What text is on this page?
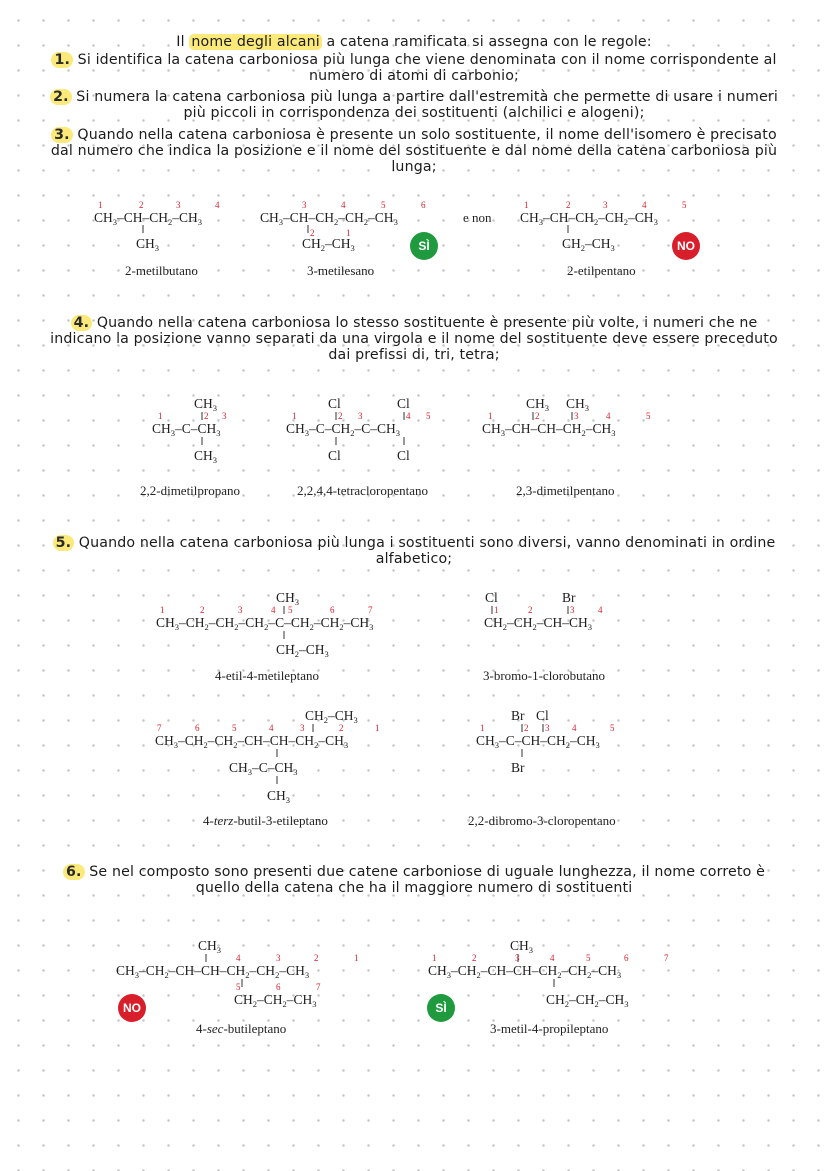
Il nome degli alcani a catena ramificata si assegna con le regole:
1. Si identifica la catena carboniosa più lunga che viene denominata con il nome corrispondente al numero di atomi di carbonio;
2. Si numera la catena carboniosa più lunga a partire dall'estremità che permette di usare i numeri più piccoli in corrispondenza dei sostituenti (alchilici e alogeni);
3. Quando nella catena carboniosa è presente un solo sostituente, il nome dell'isomero è precisato dal numero che indica la posizione e il nome del sostituente e dal nome della catena carboniosa più lunga;
1	2	3	4
$CH_3-CH-CH_2-CH_3$
$CH_3$
2-metilbutano
3	4	5	6
$CH_3-CH-CH_2-CH_2-CH_3$
2	1
$CH_2-CH_3$
3-metilesano
SÌ
e non
1	2	3	4	5
$CH_3-CH-CH_2-CH_2-CH_3$
$CH_2-CH_3$
2-etilpentano
NO
4. Quando nella catena carboniosa lo stesso sostituente è presente più volte, i numeri che ne indicano la posizione vanno separati da una virgola e il nome del sostituente deve essere preceduto dai prefissi di, tri, tetra;
$CH_3$
1	2 3
$CH_3-C-CH_3$
$CH_3$
2,2-dimetilpropano
Cl	Cl
1	2 3	4 5
$CH_3-C-CH_2-C-CH_3$
Cl	Cl
2,2,4,4-tetracloropentano
$CH_3$ $CH_3$
1	2	3	4	5
$CH_3-CH-CH-CH_2-CH_3$
2,3-dimetilpentano
5. Quando nella catena carboniosa più lunga i sostituenti sono diversi, vanno denominati in ordine alfabetico;
$CH_3$
1	2	3	4 5	6	7
$CH_3-CH_2-CH_2-CH_2-C-CH_2-CH_2-CH_3$
$CH_2-CH_3$
4-etil-4-metileptano
Cl	Br
1	2	3	4
$CH_2-CH_2-CH-CH_3$
3-bromo-1-clorobutano
$CH_2-CH_3$
7	6	5	4	3	2	1
$CH_3-CH_2-CH_2-CH-CH-CH_2-CH_3$
$CH_3-C-CH_3$
$CH_3$
4-terz-butil-3-etileptano
Br Cl
1	2 3	4	5
$CH_3-C-CH-CH_2-CH_3$
Br
2,2-dibromo-3-cloropentano
6. Se nel composto sono presenti due catene carboniose di uguale lunghezza, il nome correto è quello della catena che ha il maggiore numero di sostituenti
$CH_3$
4	3	2	1
$CH_3-CH_2-CH-CH-CH_2-CH_2-CH_3$
5	6	7
$CH_2-CH_2-CH_3$
NO
4-sec-butileptano
$CH_3$
1	2	3	4	5	6	7
$CH_3-CH_2-CH-CH-CH_2-CH_2-CH_3$
$CH_2-CH_2-CH_3$
SÌ
3-metil-4-propileptano
